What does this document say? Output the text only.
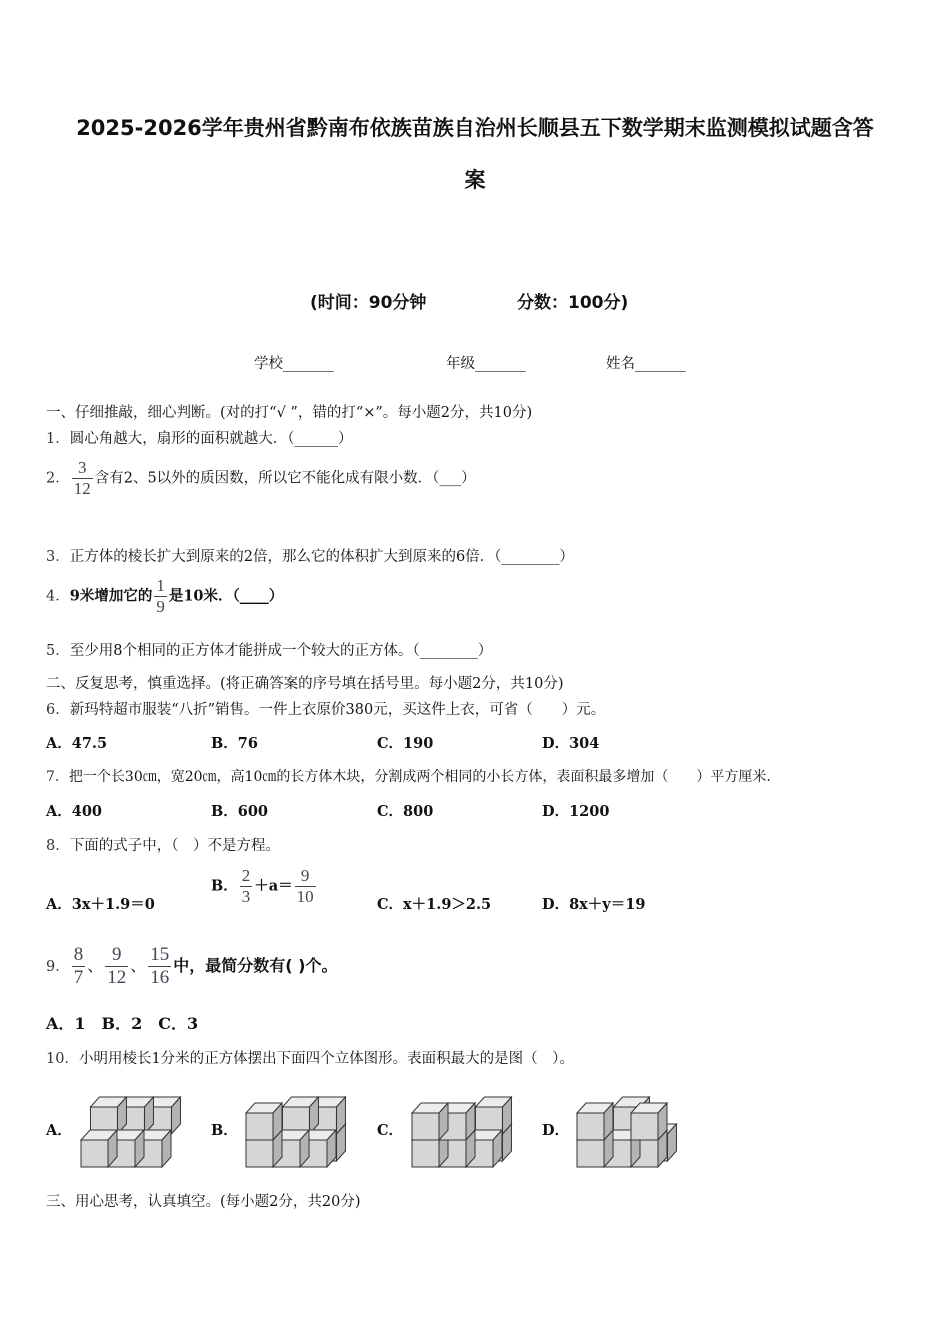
2025-2026学年贵州省黔南布依族苗族自治州长顺县五下数学期末监测模拟试题含答
案
(时间：90分钟	分数：100分)
学校_______	年级_______	姓名_______
一、仔细推敲，细心判断。(对的打“√ ”，错的打“×”。每小题2分，共10分)
1．圆心角越大，扇形的面积就越大．（______）
2． $\frac{3}{12}$ 含有2、5以外的质因数，所以它不能化成有限小数．（___）
3．正方体的棱长扩大到原来的2倍，那么它的体积扩大到原来的6倍．（________）
4．9米增加它的 $\frac{1}{9}$ 是10米．（____）
5．至少用8个相同的正方体才能拼成一个较大的正方体。（________）
二、反复思考，慎重选择。(将正确答案的序号填在括号里。每小题2分，共10分)
6．新玛特超市服装“八折”销售。一件上衣原价380元，买这件上衣，可省（　　）元。
A．47.5	B．76	C．190	D．304
7．把一个长30㎝，宽20㎝，高10㎝的长方体木块，分割成两个相同的小长方体，表面积最多增加（　　）平方厘米.
A．400	B．600	C．800	D．1200
8．下面的式子中，（　）不是方程。
A．3x＋1.9＝0
B． $\frac{2}{3} +a= \frac{9}{10}$	C．x＋1.9＞2.5	D．8x＋y＝19
9． $\frac{8}{7}$ 、 $\frac{9}{12}$ 、 $\frac{15}{16}$ 中，最简分数有( )个。
A．1　B．2　C．3
10．小明用棱长1分米的正方体摆出下面四个立体图形。表面积最大的是图（　）。
A．	B．	C．	D．
三、用心思考，认真填空。(每小题2分，共20分)
